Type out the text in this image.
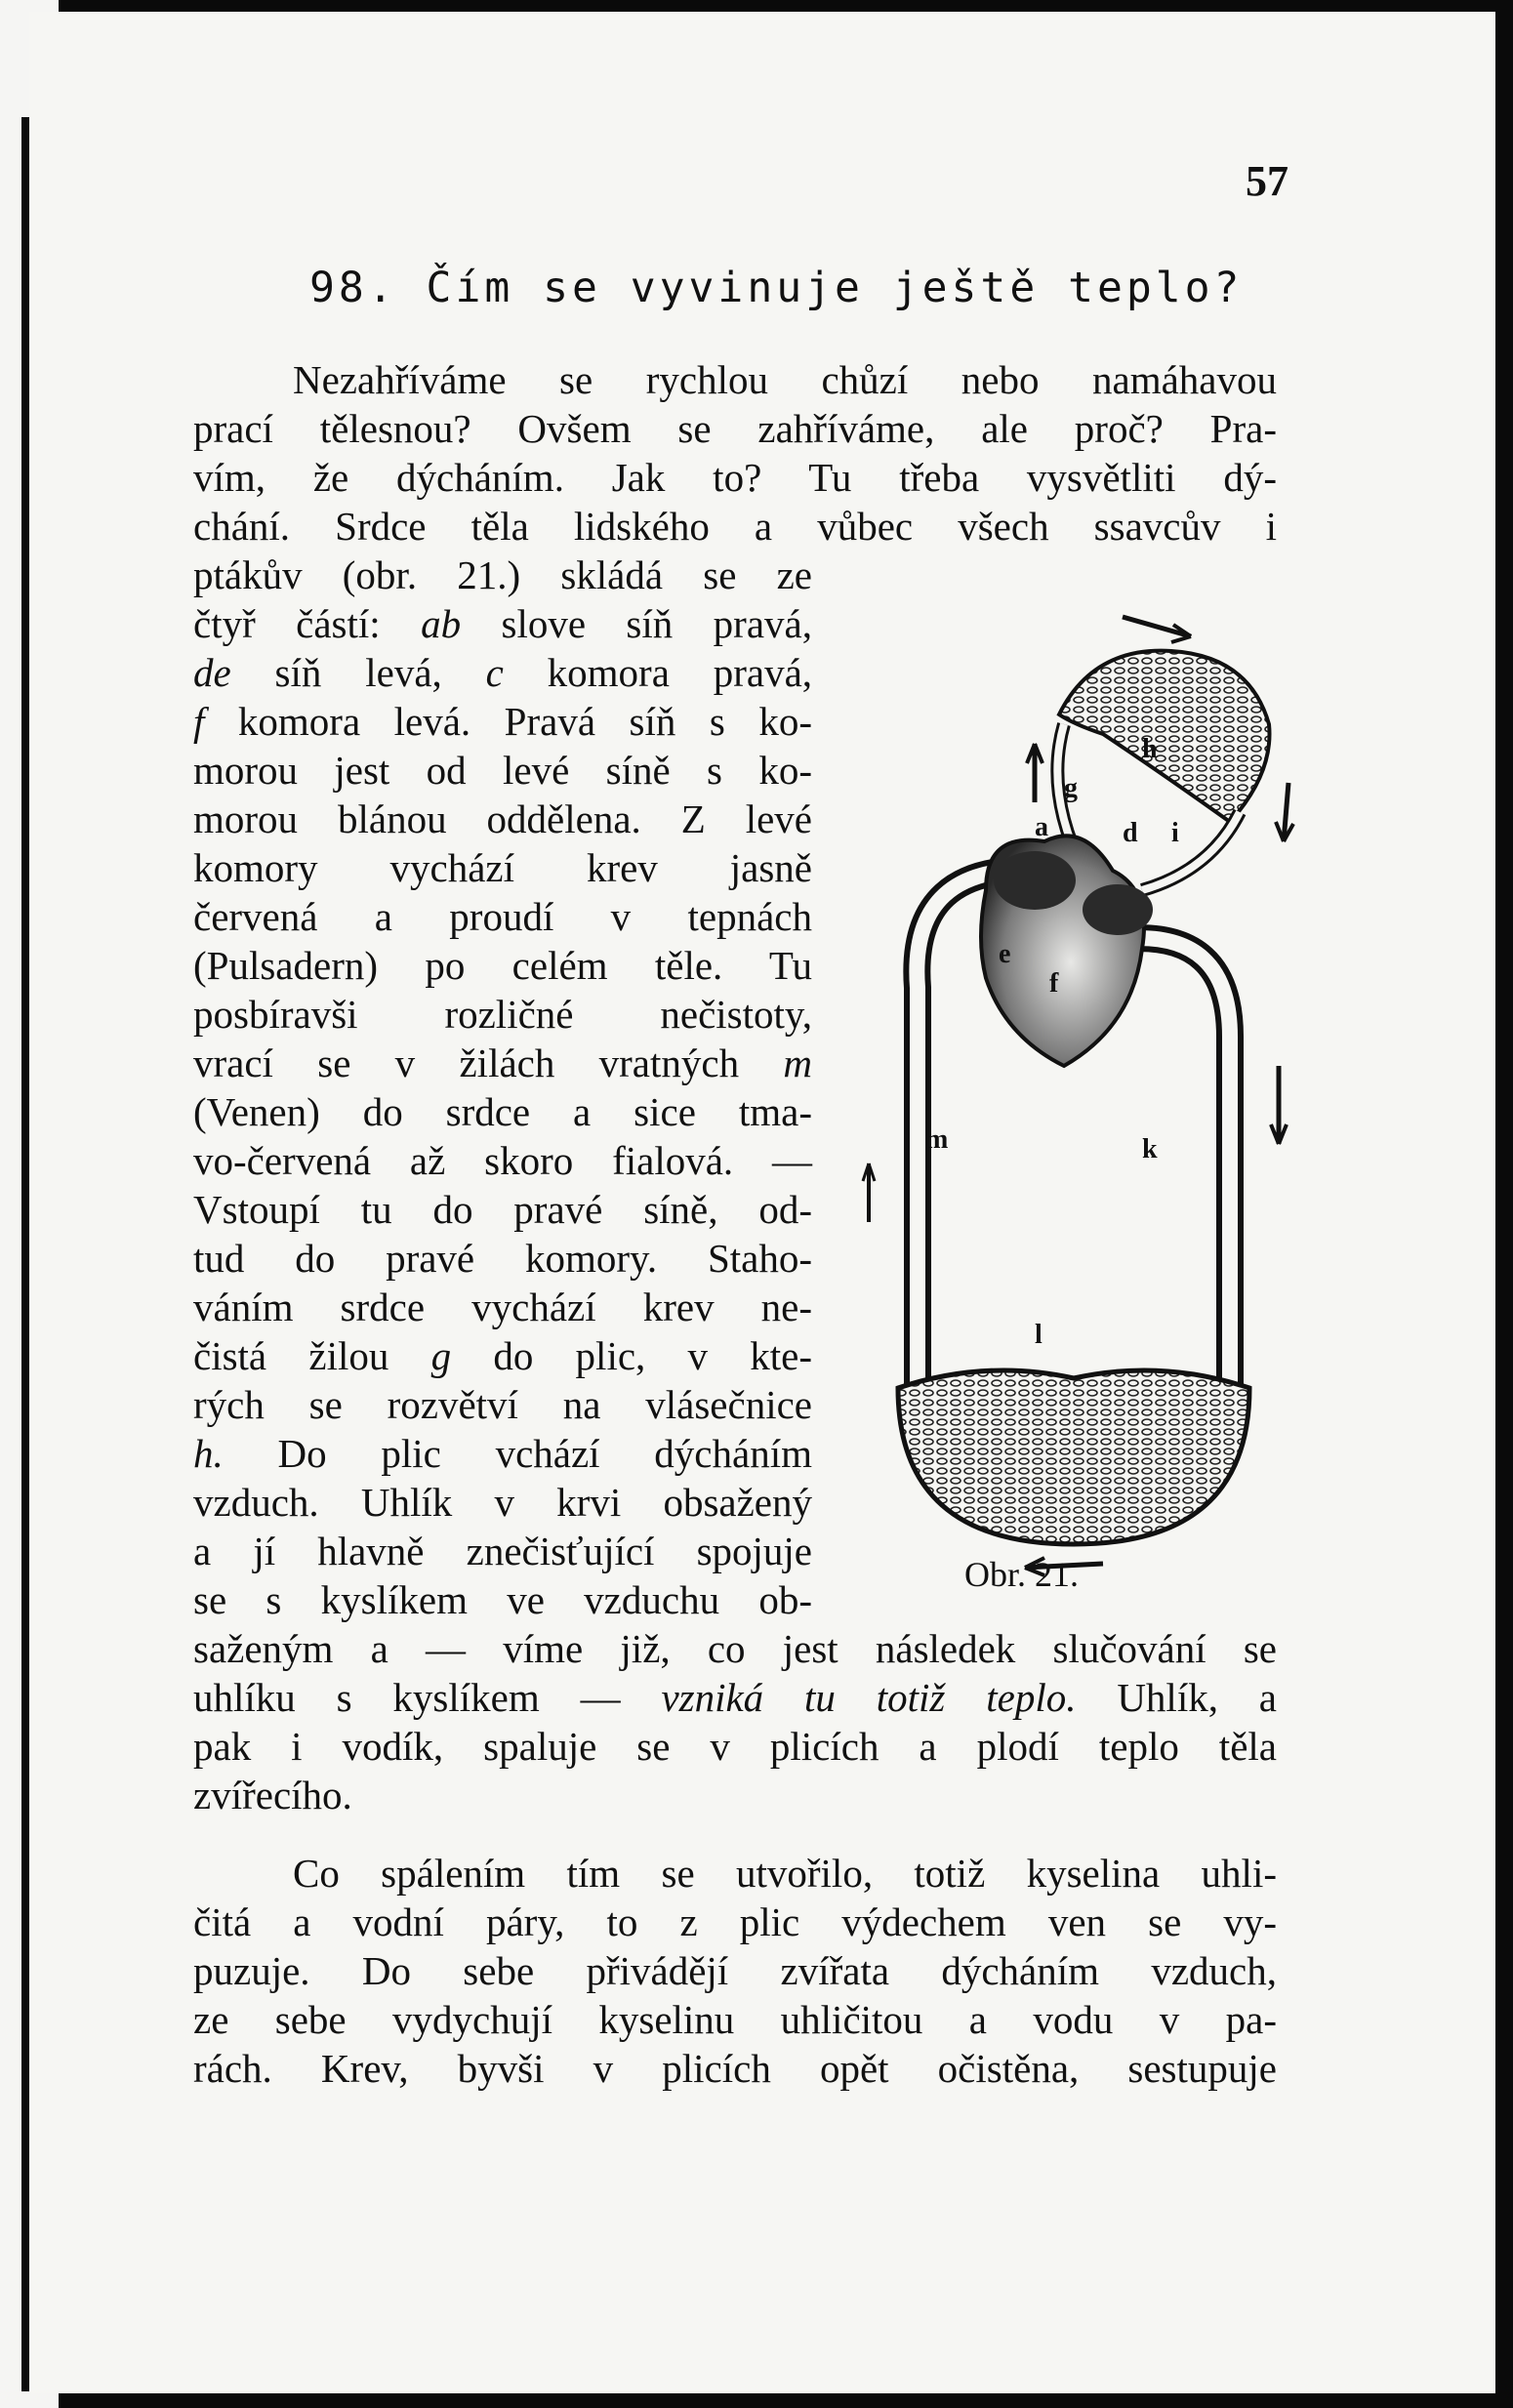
57
98. Čím se vyvinuje ještě teplo?
Nezahříváme se rychlou chůzí nebo namáhavou
prací tělesnou? Ovšem se zahříváme, ale proč? Pra-
vím, že dýcháním. Jak to? Tu třeba vysvětliti dý-
chání. Srdce těla lidského a vůbec všech ssavcův i
ptákův (obr. 21.) skládá se ze
čtyř částí: ab slove síň pravá,
de síň levá, c komora pravá,
f komora levá. Pravá síň s ko-
morou jest od levé síně s ko-
morou blánou oddělena. Z levé
komory vychází krev jasně
červená a proudí v tepnách
(Pulsadern) po celém těle. Tu
posbíravši rozličné nečistoty,
vrací se v žilách vratných m
(Venen) do srdce a sice tma-
vo-červená až skoro fialová. —
Vstoupí tu do pravé síně, od-
tud do pravé komory. Staho-
váním srdce vychází krev ne-
čistá žilou g do plic, v kte-
rých se rozvětví na vlásečnice
h. Do plic vchází dýcháním
vzduch. Uhlík v krvi obsažený
a jí hlavně znečisťující spojuje
se s kyslíkem ve vzduchu ob-
saženým a — víme již, co jest následek slučování se
uhlíku s kyslíkem — vzniká tu totiž teplo. Uhlík, a
pak i vodík, spaluje se v plicích a plodí teplo těla
zvířecího.
Co spálením tím se utvořilo, totiž kyselina uhli-
čitá a vodní páry, to z plic výdechem ven se vy-
puzuje. Do sebe přivádějí zvířata dýcháním vzduch,
ze sebe vydychují kyselinu uhličitou a vodu v pa-
rách. Krev, byvši v plicích opět očistěna, sestupuje
h
g
a	d i
e
f
m	k
l
Obr. 21.
